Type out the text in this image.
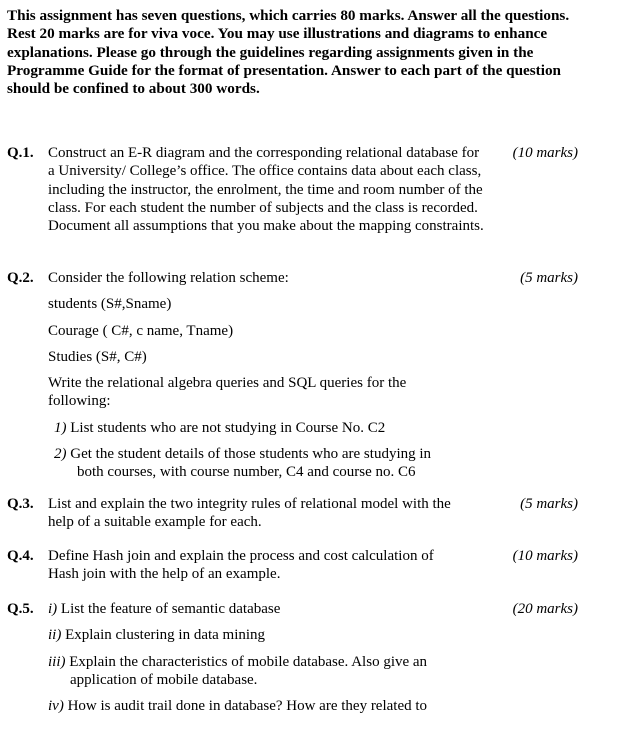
This assignment has seven questions, which carries 80 marks. Answer all the questions. Rest 20 marks are for viva voce. You may use illustrations and diagrams to enhance explanations. Please go through the guidelines regarding assignments given in the Programme Guide for the format of presentation. Answer to each part of the question should be confined to about 300 words.
Q.1. Construct an E-R diagram and the corresponding relational database for a University/ College’s office. The office contains data about each class, including the instructor, the enrolment, the time and room number of the class. For each student the number of subjects and the class is recorded. Document all assumptions that you make about the mapping constraints.
(10 marks)
Q.2. Consider the following relation scheme:
students (S#,Sname)
Courage ( C#, c name, Tname)
Studies (S#, C#)
Write the relational algebra queries and SQL queries for the following:
1) List students who are not studying in Course No. C2
2) Get the student details of those students who are studying in
both courses, with course number, C4 and course no. C6
(5 marks)
Q.3. List and explain the two integrity rules of relational model with the
help of a suitable example for each.
(5 marks)
Q.4. Define Hash join and explain the process and cost calculation of
Hash join with the help of an example.
(10 marks)
Q.5. i) List the feature of semantic database
ii) Explain clustering in data mining
iii) Explain the characteristics of mobile database. Also give an
application of mobile database.
iv) How is audit trail done in database? How are they related to
(20 marks)
